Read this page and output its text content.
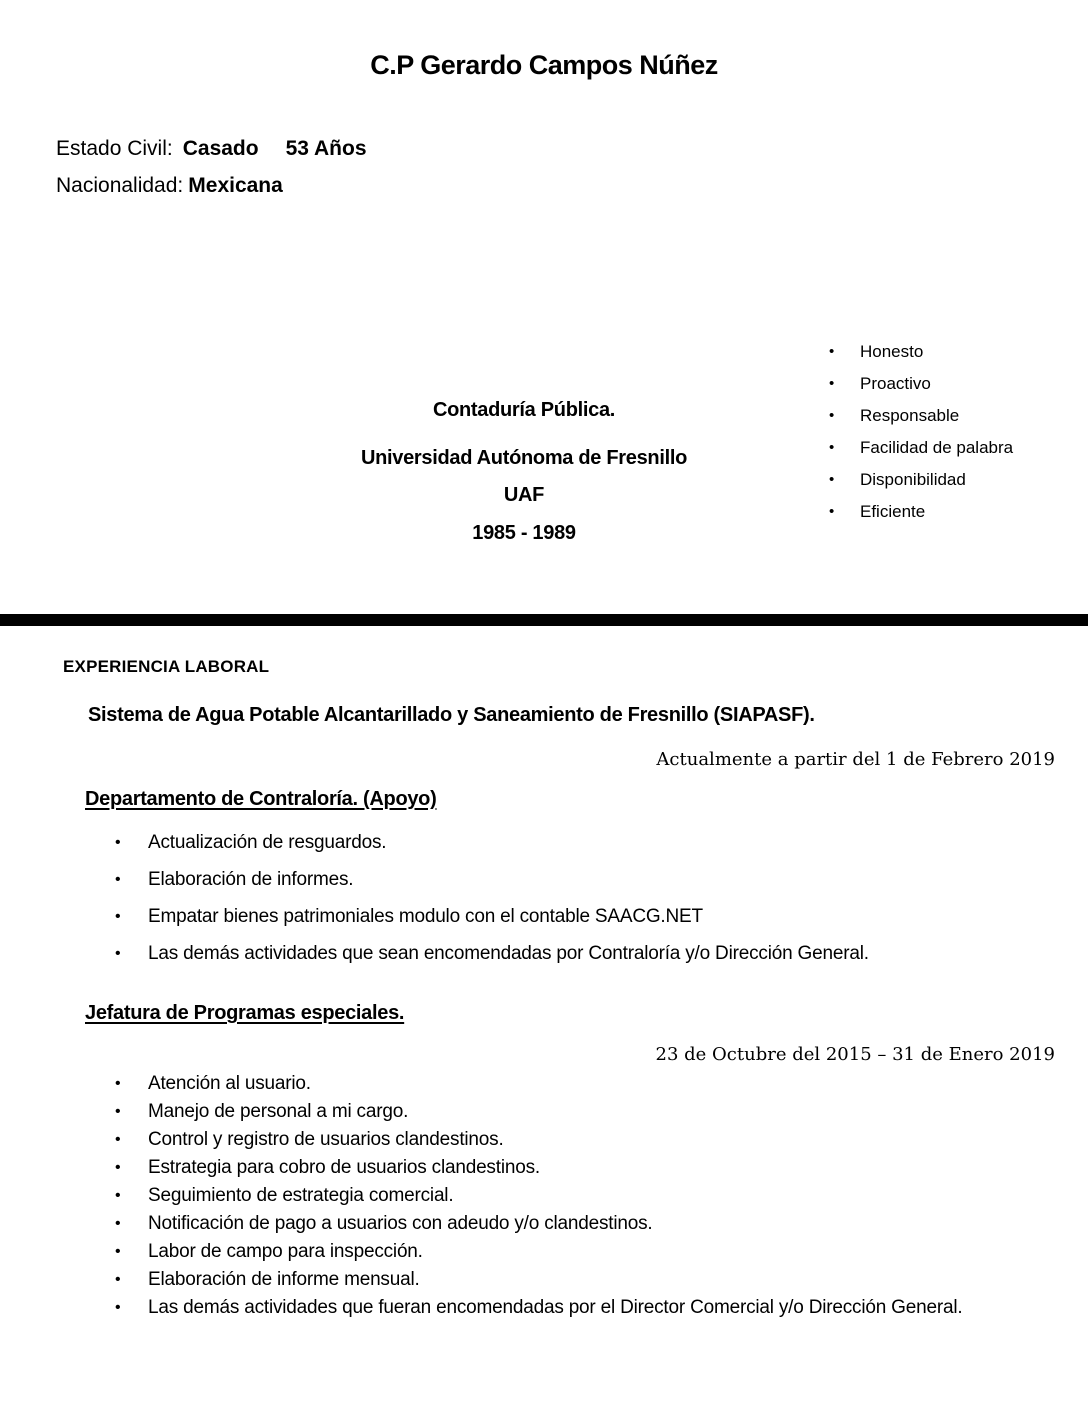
C.P Gerardo Campos Núñez
Estado Civil: Casado 53 Años
Nacionalidad: Mexicana
•	Honesto
•	Proactivo
•	Responsable
•	Facilidad de palabra
•	Disponibilidad
•	Eficiente
Contaduría Pública.
Universidad Autónoma de Fresnillo
UAF
1985 - 1989
EXPERIENCIA LABORAL
Sistema de Agua Potable Alcantarillado y Saneamiento de Fresnillo (SIAPASF).
Actualmente a partir del 1 de Febrero 2019
Departamento de Contraloría. (Apoyo)
•	Actualización de resguardos.
•	Elaboración de informes.
•	Empatar bienes patrimoniales modulo con el contable SAACG.NET
•	Las demás actividades que sean encomendadas por Contraloría y/o Dirección General.
Jefatura de Programas especiales.
23 de Octubre del 2015 – 31 de Enero 2019
•	Atención al usuario.
•	Manejo de personal a mi cargo.
•	Control y registro de usuarios clandestinos.
•	Estrategia para cobro de usuarios clandestinos.
•	Seguimiento de estrategia comercial.
•	Notificación de pago a usuarios con adeudo y/o clandestinos.
•	Labor de campo para inspección.
•	Elaboración de informe mensual.
•	Las demás actividades que fueran encomendadas por el Director Comercial y/o Dirección General.
